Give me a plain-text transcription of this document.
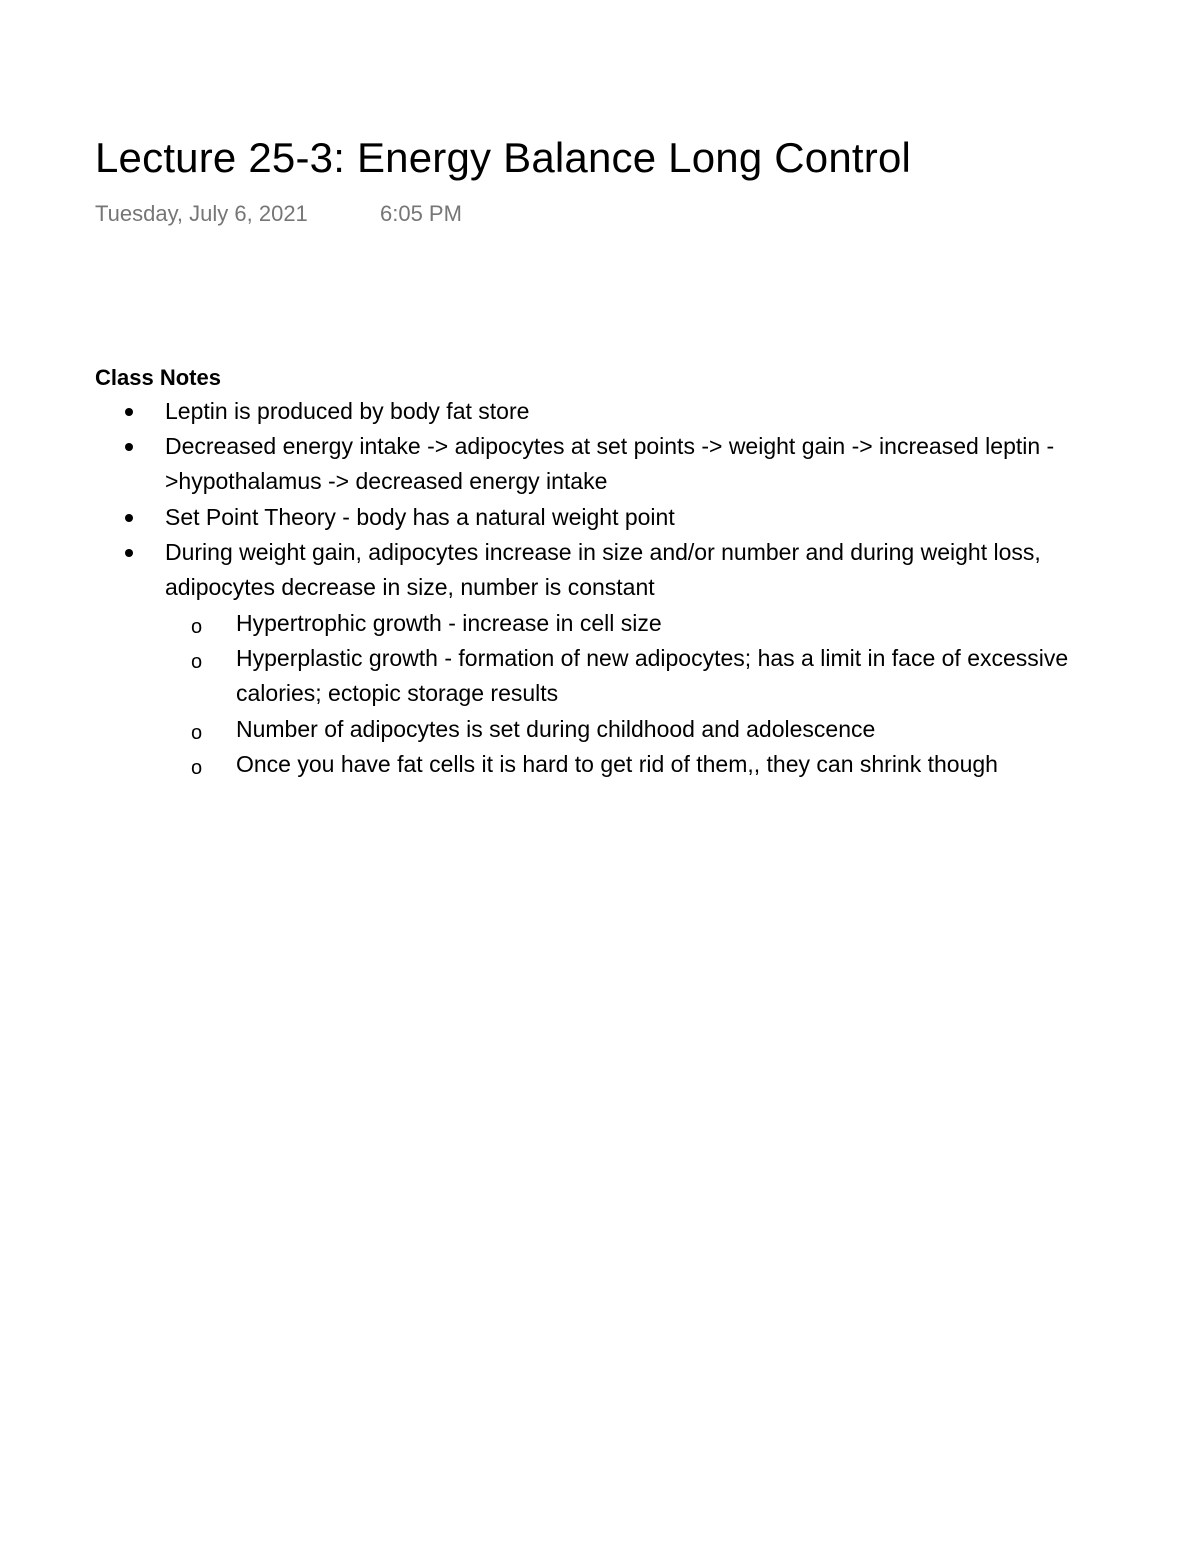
Lecture 25-3: Energy Balance Long Control
Tuesday, July 6, 2021	6:05 PM
Class Notes
Leptin is produced by body fat store
Decreased energy intake -> adipocytes at set points -> weight gain -> increased leptin ->hypothalamus -> decreased energy intake
Set Point Theory - body has a natural weight point
During weight gain, adipocytes increase in size and/or number and during weight loss, adipocytes decrease in size, number is constant
o Hypertrophic growth - increase in cell size
o Hyperplastic growth - formation of new adipocytes; has a limit in face of excessive calories; ectopic storage results
o Number of adipocytes is set during childhood and adolescence
o Once you have fat cells it is hard to get rid of them,, they can shrink though
